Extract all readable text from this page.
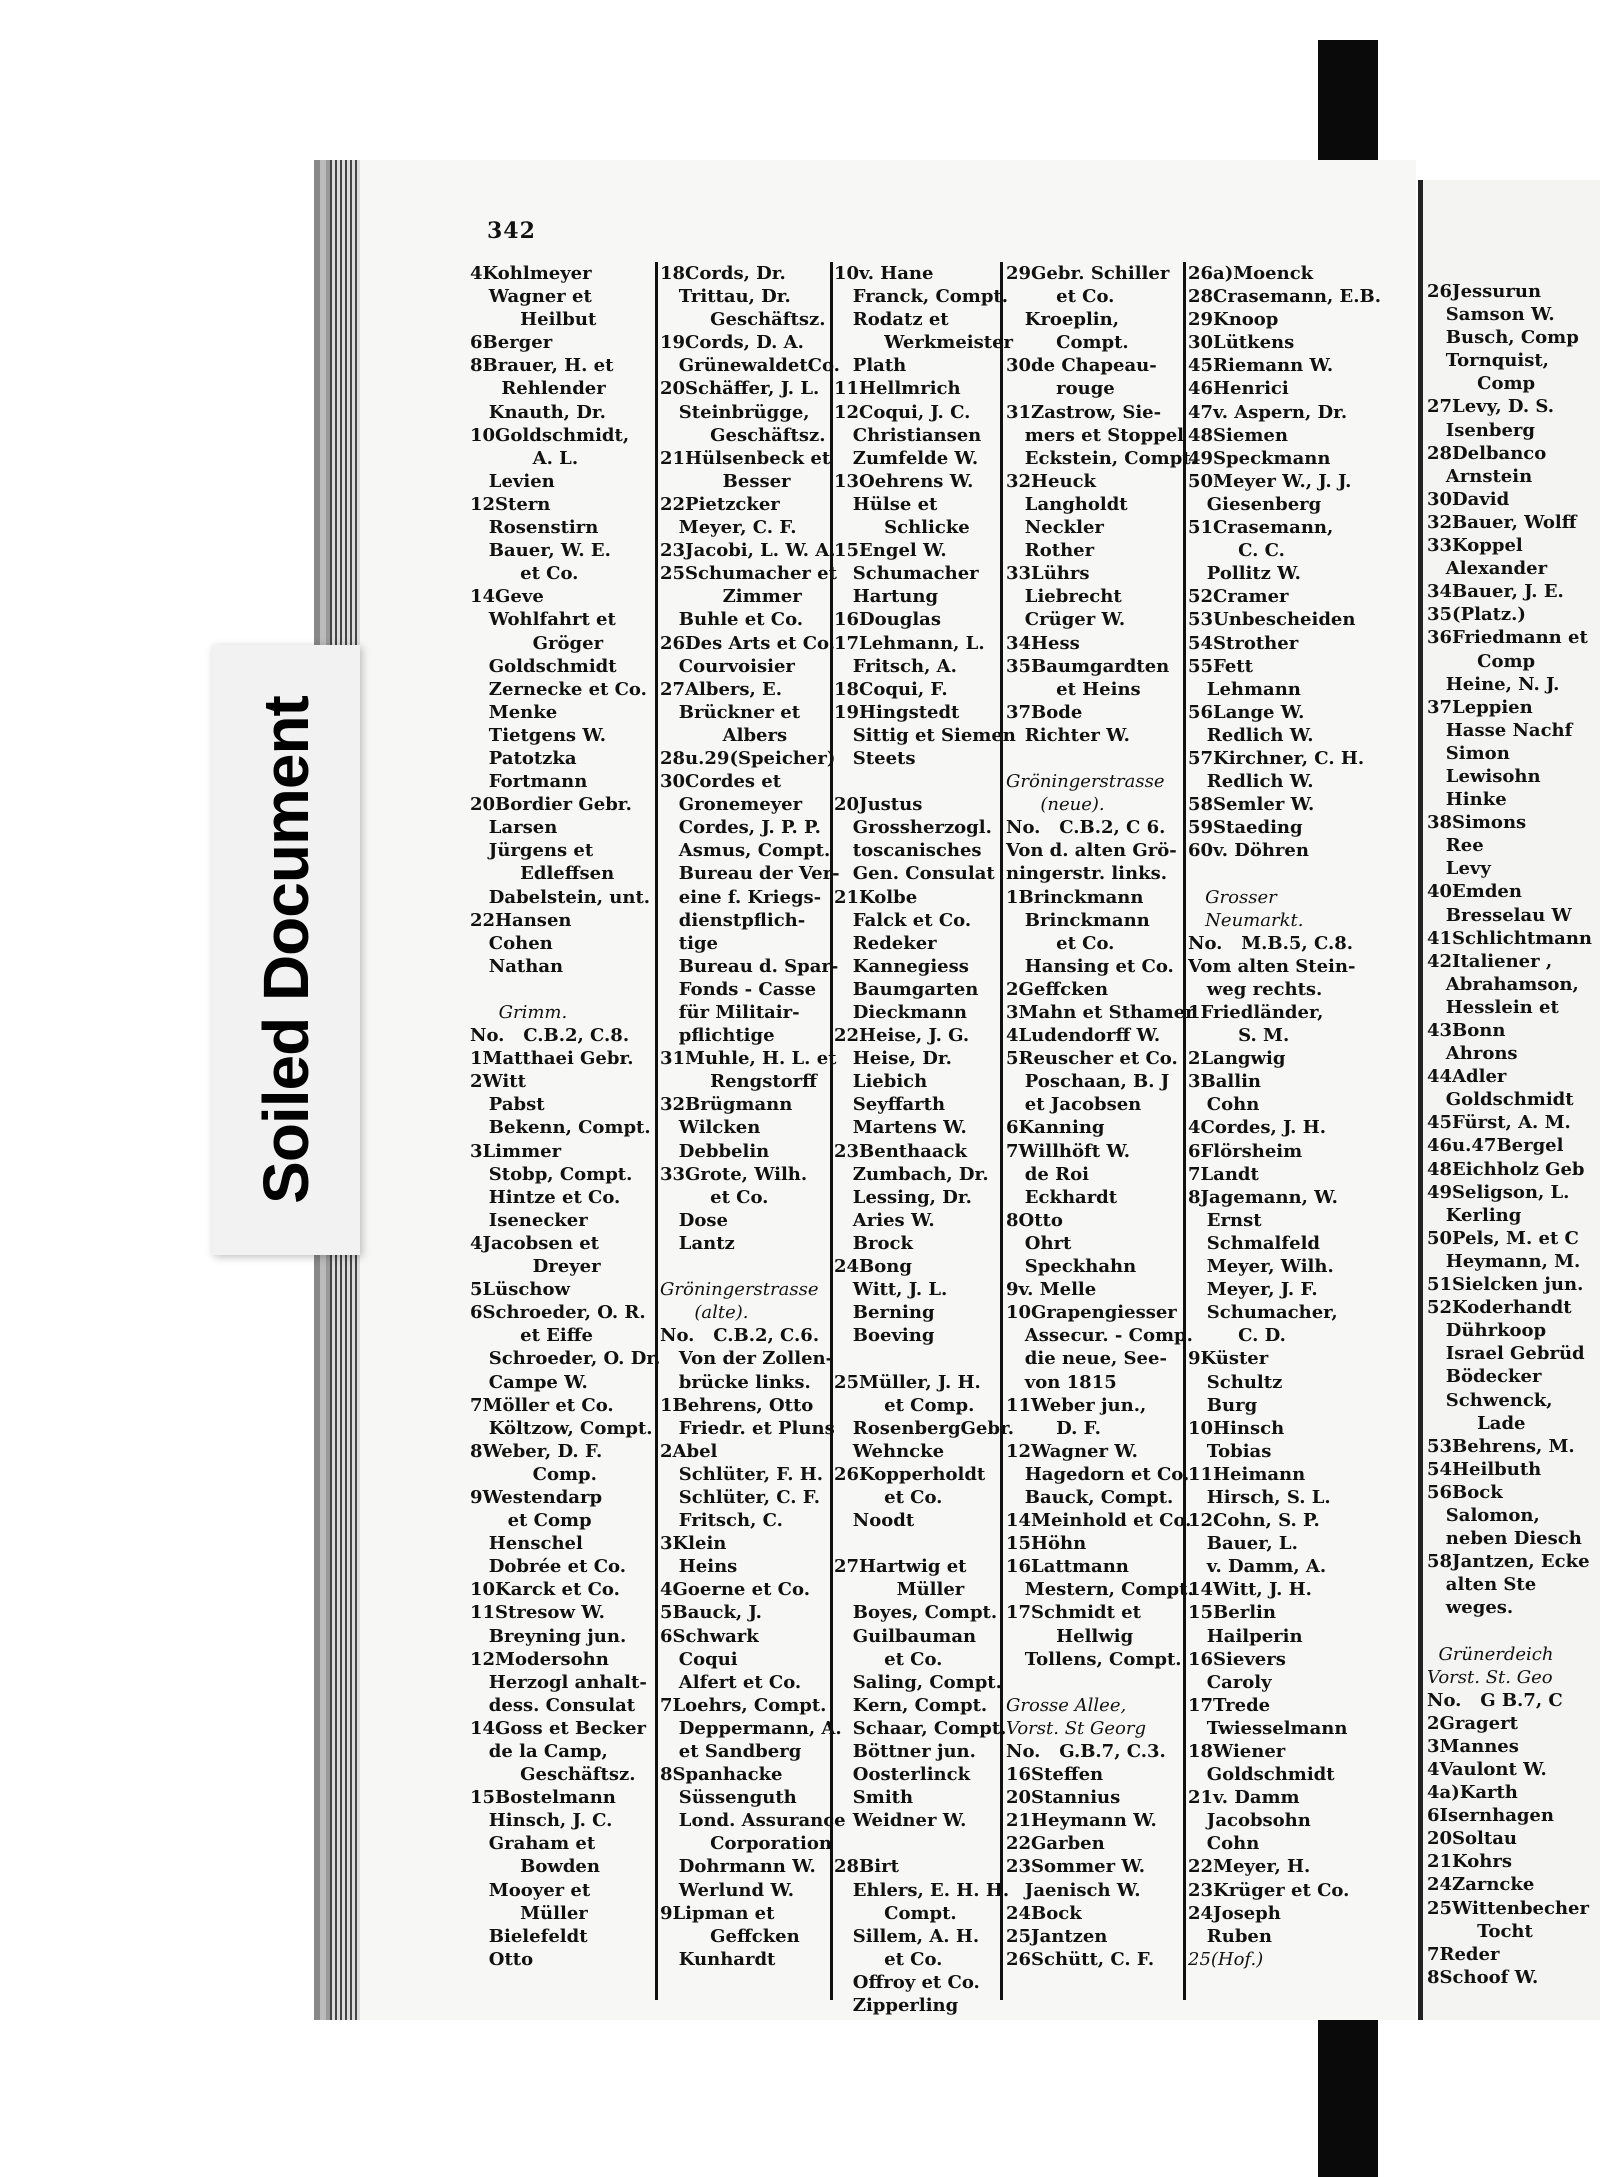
26Jessurun
Samson W.
Busch, Comp
Tornquist,
Comp
27Levy, D. S.
Isenberg
28Delbanco
Arnstein
30David
32Bauer, Wolff
33Koppel
Alexander
34Bauer, J. E.
35(Platz.)
36Friedmann et
Comp
Heine, N. J.
37Leppien
Hasse Nachf
Simon
Lewisohn
Hinke
38Simons
Ree
Levy
40Emden
Bresselau W
41Schlichtmann
42Italiener ,
Abrahamson,
Hesslein et
43Bonn
Ahrons
44Adler
Goldschmidt
45Fürst, A. M.
46u.47Bergel
48Eichholz Geb
49Seligson, L.
Kerling
50Pels, M. et C
Heymann, M.
51Sielcken jun.
52Koderhandt
Dührkoop
Israel Gebrüd
Bödecker
Schwenck,
Lade
53Behrens, M.
54Heilbuth
56Bock
Salomon,
neben Diesch
58Jantzen, Ecke
alten Ste
weges.

Grünerdeich
Vorst. St. Geo
No.   G B.7, C
2Gragert
3Mannes
4Vaulont W.
4a)Karth
6Isernhagen
20Soltau
21Kohrs
24Zarncke
25Wittenbecher
Tocht
7Reder
8Schoof W.
342
4Kohlmeyer
Wagner et
Heilbut
6Berger
8Brauer, H. et
Rehlender
Knauth, Dr.
10Goldschmidt,
A. L.
Levien
12Stern
Rosenstirn
Bauer, W. E.
et Co.
14Geve
Wohlfahrt et
Gröger
Goldschmidt
Zernecke et Co.
Menke
Tietgens W.
Patotzka
Fortmann
20Bordier Gebr.
Larsen
Jürgens et
Edleffsen
Dabelstein, unt.
22Hansen
Cohen
Nathan

Grimm.
No.   C.B.2, C.8.
1Matthaei Gebr.
2Witt
Pabst
Bekenn, Compt.
3Limmer
Stobp, Compt.
Hintze et Co.
Isenecker
4Jacobsen et
Dreyer
5Lüschow
6Schroeder, O. R.
et Eiffe
Schroeder, O. Dr.
Campe W.
7Möller et Co.
Költzow, Compt.
8Weber, D. F.
Comp.
9Westendarp
et Comp
Henschel
Dobrée et Co.
10Karck et Co.
11Stresow W.
Breyning jun.
12Modersohn
Herzogl anhalt-
dess. Consulat
14Goss et Becker
de la Camp,
Geschäftsz.
15Bostelmann
Hinsch, J. C.
Graham et
Bowden
Mooyer et
Müller
Bielefeldt
Otto
18Cords, Dr.
Trittau, Dr.
Geschäftsz.
19Cords, D. A.
GrünewaldetCo.
20Schäffer, J. L.
Steinbrügge,
Geschäftsz.
21Hülsenbeck et
Besser
22Pietzcker
Meyer, C. F.
23Jacobi, L. W. A.
25Schumacher et
Zimmer
Buhle et Co.
26Des Arts et Co.
Courvoisier
27Albers, E.
Brückner et
Albers
28u.29(Speicher)
30Cordes et
Gronemeyer
Cordes, J. P. P.
Asmus, Compt.
Bureau der Ver-
eine f. Kriegs-
dienstpflich-
tige
Bureau d. Spar-
Fonds - Casse
für Militair-
pflichtige
31Muhle, H. L. et
Rengstorff
32Brügmann
Wilcken
Debbelin
33Grote, Wilh.
et Co.
Dose
Lantz

Gröningerstrasse
(alte).
No.   C.B.2, C.6.
Von der Zollen-
brücke links.
1Behrens, Otto
Friedr. et Pluns
2Abel
Schlüter, F. H.
Schlüter, C. F.
Fritsch, C.
3Klein
Heins
4Goerne et Co.
5Bauck, J.
6Schwark
Coqui
Alfert et Co.
7Loehrs, Compt.
Deppermann, A.
et Sandberg
8Spanhacke
Süssenguth
Lond. Assurance
Corporation
Dohrmann W.
Werlund W.
9Lipman et
Geffcken
Kunhardt
10v. Hane
Franck, Compt.
Rodatz et
Werkmeister
Plath
11Hellmrich
12Coqui, J. C.
Christiansen
Zumfelde W.
13Oehrens W.
Hülse et
Schlicke
15Engel W.
Schumacher
Hartung
16Douglas
17Lehmann, L.
Fritsch, A.
18Coqui, F.
19Hingstedt
Sittig et Siemen
Steets

20Justus
Grossherzogl.
toscanisches
Gen. Consulat
21Kolbe
Falck et Co.
Redeker
Kannegiess
Baumgarten
Dieckmann
22Heise, J. G.
Heise, Dr.
Liebich
Seyffarth
Martens W.
23Benthaack
Zumbach, Dr.
Lessing, Dr.
Aries W.
Brock
24Bong
Witt, J. L.
Berning
Boeving

25Müller, J. H.
et Comp.
RosenbergGebr.
Wehncke
26Kopperholdt
et Co.
Noodt

27Hartwig et
Müller
Boyes, Compt.
Guilbauman
et Co.
Saling, Compt.
Kern, Compt.
Schaar, Compt.
Böttner jun.
Oosterlinck
Smith
Weidner W.

28Birt
Ehlers, E. H. H.
Compt.
Sillem, A. H.
et Co.
Offroy et Co.
Zipperling
29Gebr. Schiller
et Co.
Kroeplin,
Compt.
30de Chapeau-
rouge
31Zastrow, Sie-
mers et Stoppel
Eckstein, Compt.
32Heuck
Langholdt
Neckler
Rother
33Lührs
Liebrecht
Crüger W.
34Hess
35Baumgardten
et Heins
37Bode
Richter W.

Gröningerstrasse
(neue).
No.   C.B.2, C 6.
Von d. alten Grö-
ningerstr. links.
1Brinckmann
Brinckmann
et Co.
Hansing et Co.
2Geffcken
3Mahn et Sthamer
4Ludendorff W.
5Reuscher et Co.
Poschaan, B. J
et Jacobsen
6Kanning
7Willhöft W.
de Roi
Eckhardt
8Otto
Ohrt
Speckhahn
9v. Melle
10Grapengiesser
Assecur. - Comp.
die neue, See-
von 1815
11Weber jun.,
D. F.
12Wagner W.
Hagedorn et Co.
Bauck, Compt.
14Meinhold et Co.
15Höhn
16Lattmann
Mestern, Compt.
17Schmidt et
Hellwig
Tollens, Compt.

Grosse Allee,
Vorst. St Georg
No.   G.B.7, C.3.
16Steffen
20Stannius
21Heymann W.
22Garben
23Sommer W.
Jaenisch W.
24Bock
25Jantzen
26Schütt, C. F.
26a)Moenck
28Crasemann, E.B.
29Knoop
30Lütkens
45Riemann W.
46Henrici
47v. Aspern, Dr.
48Siemen
49Speckmann
50Meyer W., J. J.
Giesenberg
51Crasemann,
C. C.
Pollitz W.
52Cramer
53Unbescheiden
54Strother
55Fett
Lehmann
56Lange W.
Redlich W.
57Kirchner, C. H.
Redlich W.
58Semler W.
59Staeding
60v. Döhren

Grosser
Neumarkt.
No.   M.B.5, C.8.
Vom alten Stein-
weg rechts.
1Friedländer,
S. M.
2Langwig
3Ballin
Cohn
4Cordes, J. H.
6Flörsheim
7Landt
8Jagemann, W.
Ernst
Schmalfeld
Meyer, Wilh.
Meyer, J. F.
Schumacher,
C. D.
9Küster
Schultz
Burg
10Hinsch
Tobias
11Heimann
Hirsch, S. L.
12Cohn, S. P.
Bauer, L.
v. Damm, A.
14Witt, J. H.
15Berlin
Hailperin
16Sievers
Caroly
17Trede
Twiesselmann
18Wiener
Goldschmidt
21v. Damm
Jacobsohn
Cohn
22Meyer, H.
23Krüger et Co.
24Joseph
Ruben
25(Hof.)
Soiled Document
